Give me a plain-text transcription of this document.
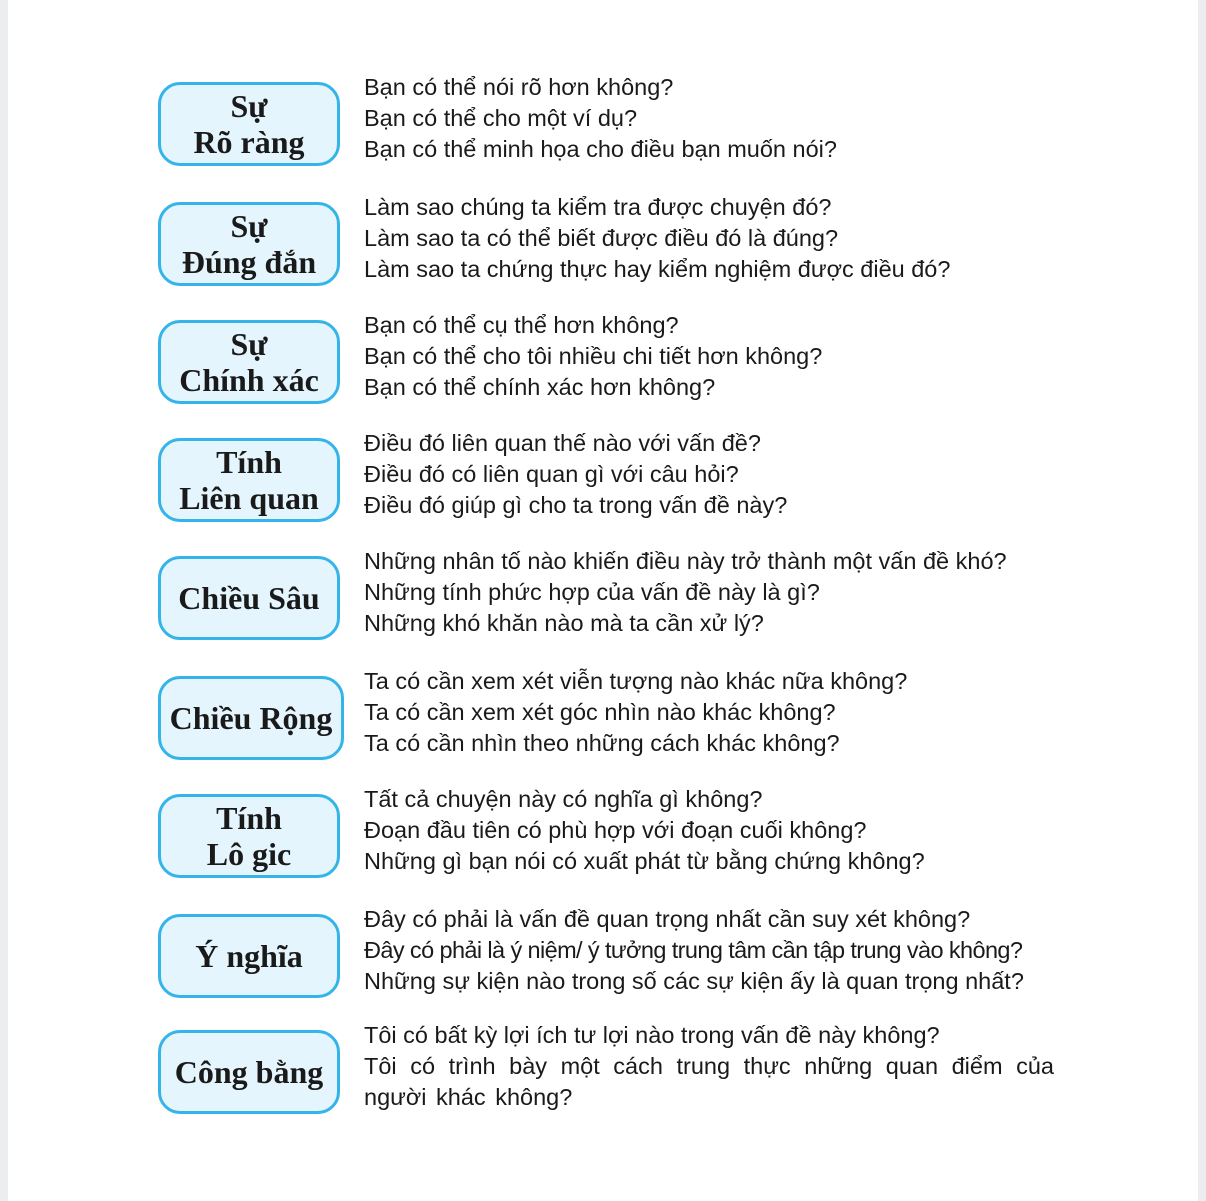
Sự
Rõ ràng
Bạn có thể nói rõ hơn không?
Bạn có thể cho một ví dụ?
Bạn có thể minh họa cho điều bạn muốn nói?
Sự
Đúng đắn
Làm sao chúng ta kiểm tra được chuyện đó?
Làm sao ta có thể biết được điều đó là đúng?
Làm sao ta chứng thực hay kiểm nghiệm được điều đó?
Sự
Chính xác
Bạn có thể cụ thể hơn không?
Bạn có thể cho tôi nhiều chi tiết hơn không?
Bạn có thể chính xác hơn không?
Tính
Liên quan
Điều đó liên quan thế nào với vấn đề?
Điều đó có liên quan gì với câu hỏi?
Điều đó giúp gì cho ta trong vấn đề này?
Chiều Sâu
Những nhân tố nào khiến điều này trở thành một vấn đề khó?
Những tính phức hợp của vấn đề này là gì?
Những khó khăn nào mà ta cần xử lý?
Chiều Rộng
Ta có cần xem xét viễn tượng nào khác nữa không?
Ta có cần xem xét góc nhìn nào khác không?
Ta có cần nhìn theo những cách khác không?
Tính
Lô gic
Tất cả chuyện này có nghĩa gì không?
Đoạn đầu tiên có phù hợp với đoạn cuối không?
Những gì bạn nói có xuất phát từ bằng chứng không?
Ý nghĩa
Đây có phải là vấn đề quan trọng nhất cần suy xét không?
Đây có phải là ý niệm/ ý tưởng trung tâm cần tập trung vào không?
Những sự kiện nào trong số các sự kiện ấy là quan trọng nhất?
Công bằng
Tôi có bất kỳ lợi ích tư lợi nào trong vấn đề này không?
Tôi có trình bày một cách trung thực những quan điểm của người khác không?
